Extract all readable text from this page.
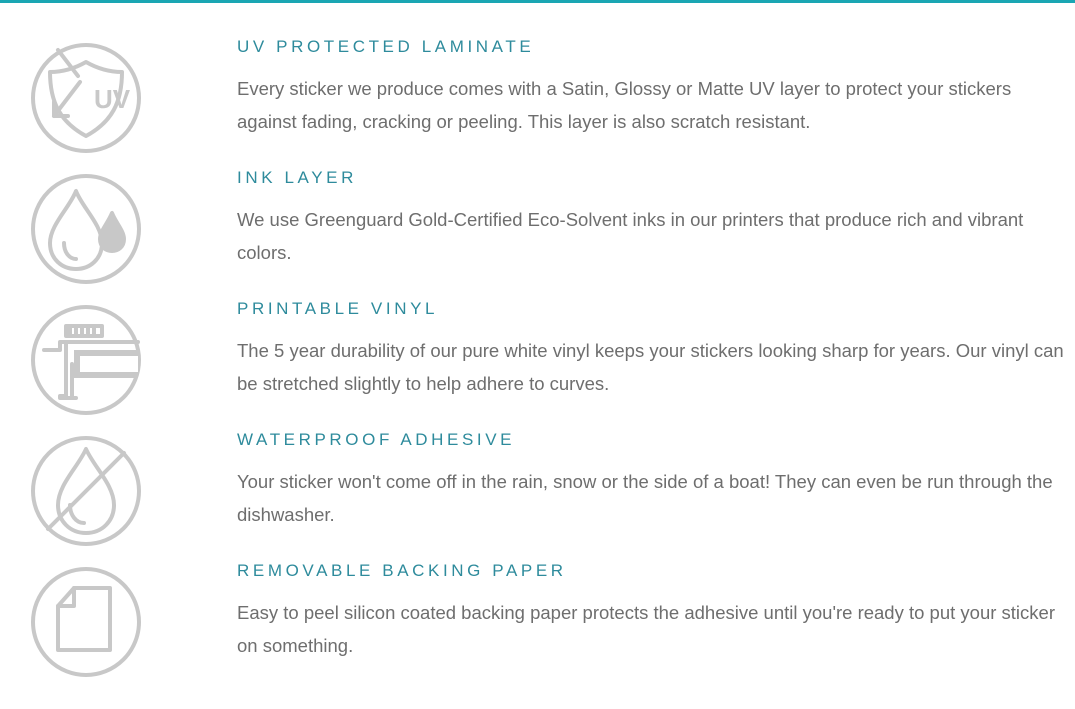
UV
UV PROTECTED LAMINATE
Every sticker we produce comes with a Satin, Glossy or Matte UV layer to protect your stickers against fading, cracking or peeling. This layer is also scratch resistant.
INK LAYER
We use Greenguard Gold-Certified Eco-Solvent inks in our printers that produce rich and vibrant colors.
PRINTABLE VINYL
The 5 year durability of our pure white vinyl keeps your stickers looking sharp for years. Our vinyl can be stretched slightly to help adhere to curves.
WATERPROOF ADHESIVE
Your sticker won't come off in the rain, snow or the side of a boat! They can even be run through the dishwasher.
REMOVABLE BACKING PAPER
Easy to peel silicon coated backing paper protects the adhesive until you're ready to put your sticker on something.
